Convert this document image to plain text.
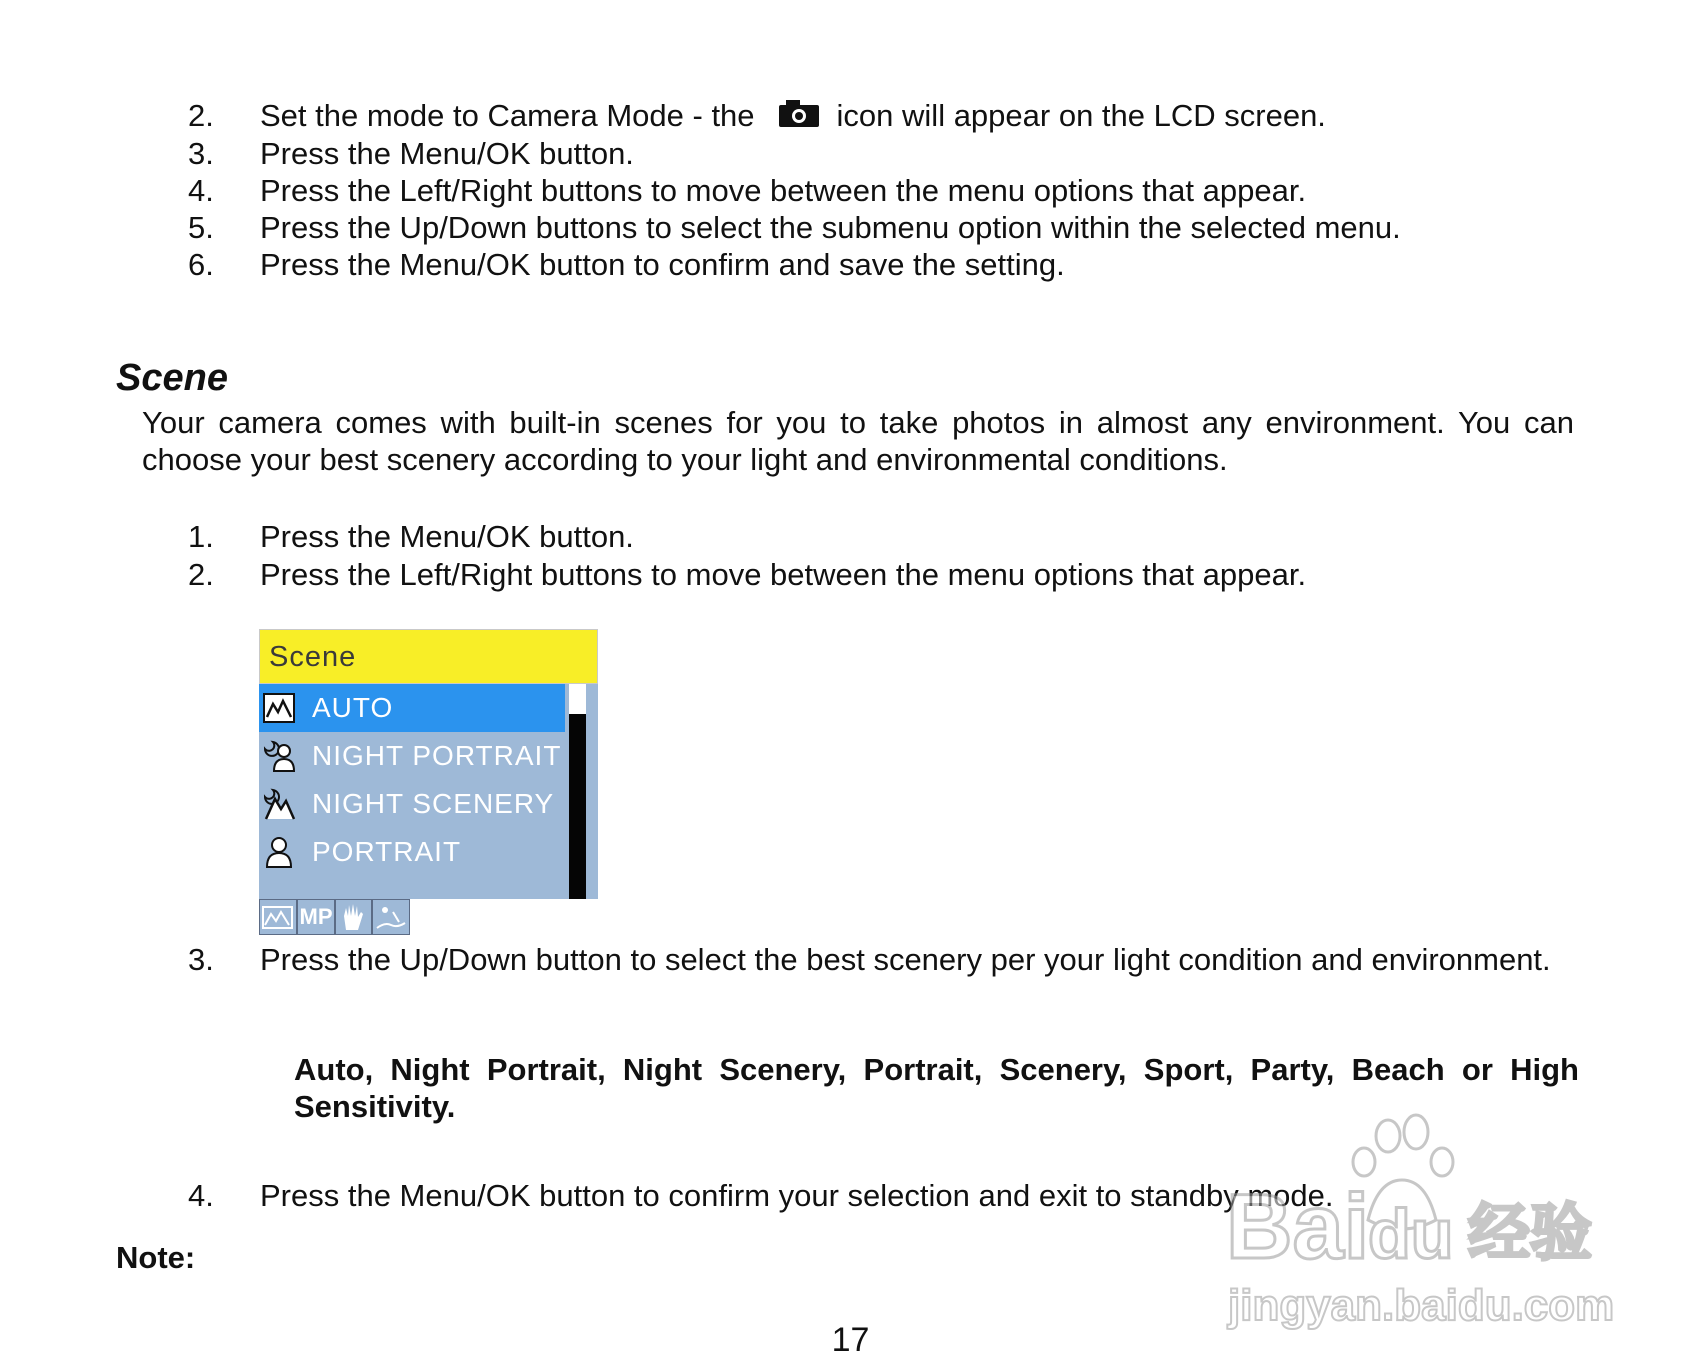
2. Set the mode to Camera Mode - the	icon will appear on the LCD screen.
3. Press the Menu/OK button.
4. Press the Left/Right buttons to move between the menu options that appear.
5. Press the Up/Down buttons to select the submenu option within the selected menu.
6. Press the Menu/OK button to confirm and save the setting.
Scene
Your camera comes with built-in scenes for you to take photos in almost any environment. You can choose your best scenery according to your light and environmental conditions.
1. Press the Menu/OK button.
2. Press the Left/Right buttons to move between the menu options that appear.
Scene
AUTO
NIGHT PORTRAIT
NIGHT SCENERY
PORTRAIT
MP
3. Press the Up/Down button to select the best scenery per your light condition and environment.
Auto, Night Portrait, Night Scenery, Portrait, Scenery, Sport, Party, Beach or High Sensitivity.
4. Press the Menu/OK button to confirm your selection and exit to standby mode.
Note:
17
Bai
du 经验
jingyan.baidu.com
